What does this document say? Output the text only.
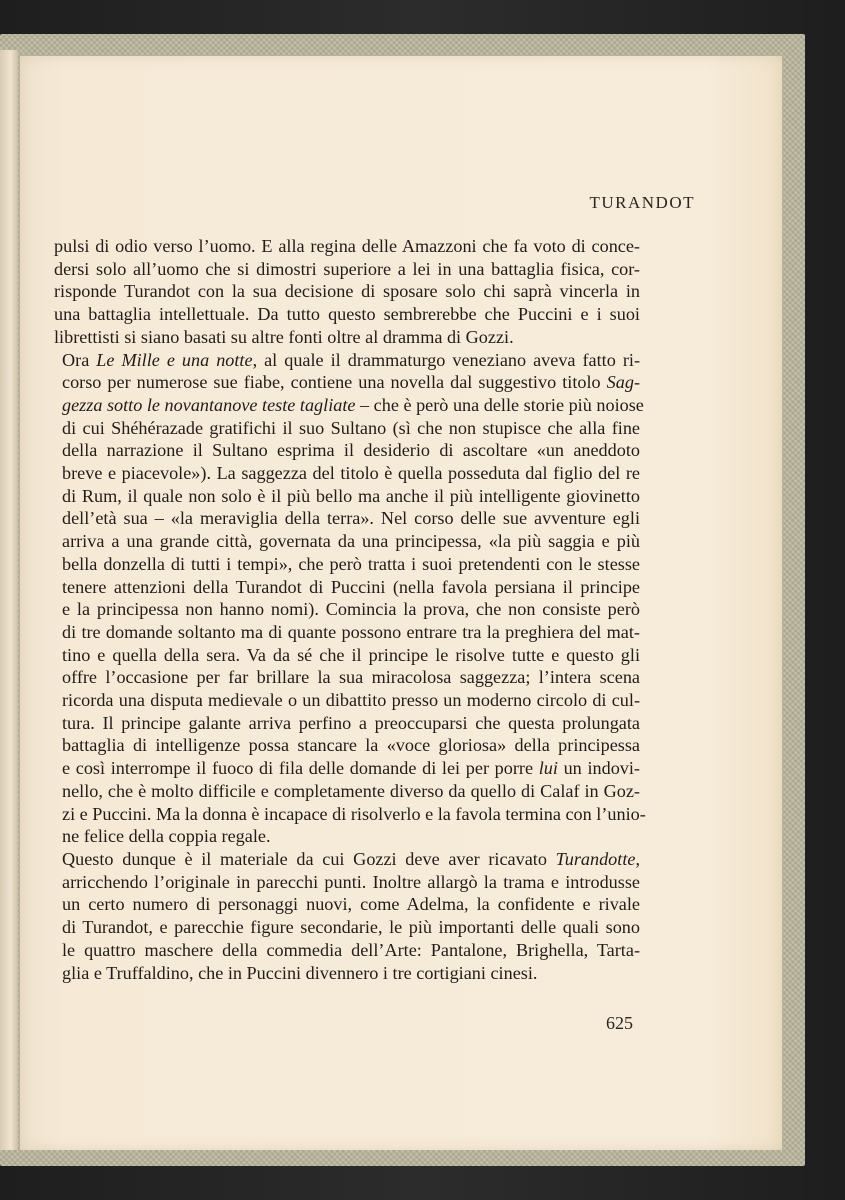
TURANDOT

pulsi di odio verso l’uomo. E alla regina delle Amazzoni che fa voto di conce-
dersi solo all’uomo che si dimostri superiore a lei in una battaglia fisica, cor-
risponde Turandot con la sua decisione di sposare solo chi saprà vincerla in
una battaglia intellettuale. Da tutto questo sembrerebbe che Puccini e i suoi
librettisti si siano basati su altre fonti oltre al dramma di Gozzi.

Ora Le Mille e una notte, al quale il drammaturgo veneziano aveva fatto ri-
corso per numerose sue fiabe, contiene una novella dal suggestivo titolo Sag-
gezza sotto le novantanove teste tagliate – che è però una delle storie più noiose
di cui Shéhérazade gratifichi il suo Sultano (sì che non stupisce che alla fine
della narrazione il Sultano esprima il desiderio di ascoltare «un aneddoto
breve e piacevole»). La saggezza del titolo è quella posseduta dal figlio del re
di Rum, il quale non solo è il più bello ma anche il più intelligente giovinetto
dell’età sua – «la meraviglia della terra». Nel corso delle sue avventure egli
arriva a una grande città, governata da una principessa, «la più saggia e più
bella donzella di tutti i tempi», che però tratta i suoi pretendenti con le stesse
tenere attenzioni della Turandot di Puccini (nella favola persiana il principe
e la principessa non hanno nomi). Comincia la prova, che non consiste però
di tre domande soltanto ma di quante possono entrare tra la preghiera del mat-
tino e quella della sera. Va da sé che il principe le risolve tutte e questo gli
offre l’occasione per far brillare la sua miracolosa saggezza; l’intera scena
ricorda una disputa medievale o un dibattito presso un moderno circolo di cul-
tura. Il principe galante arriva perfino a preoccuparsi che questa prolungata
battaglia di intelligenze possa stancare la «voce gloriosa» della principessa
e così interrompe il fuoco di fila delle domande di lei per porre lui un indovi-
nello, che è molto difficile e completamente diverso da quello di Calaf in Goz-
zi e Puccini. Ma la donna è incapace di risolverlo e la favola termina con l’unio-
ne felice della coppia regale.

Questo dunque è il materiale da cui Gozzi deve aver ricavato Turandotte,
arricchendo l’originale in parecchi punti. Inoltre allargò la trama e introdusse
un certo numero di personaggi nuovi, come Adelma, la confidente e rivale
di Turandot, e parecchie figure secondarie, le più importanti delle quali sono
le quattro maschere della commedia dell’Arte: Pantalone, Brighella, Tarta-
glia e Truffaldino, che in Puccini divennero i tre cortigiani cinesi.

625
